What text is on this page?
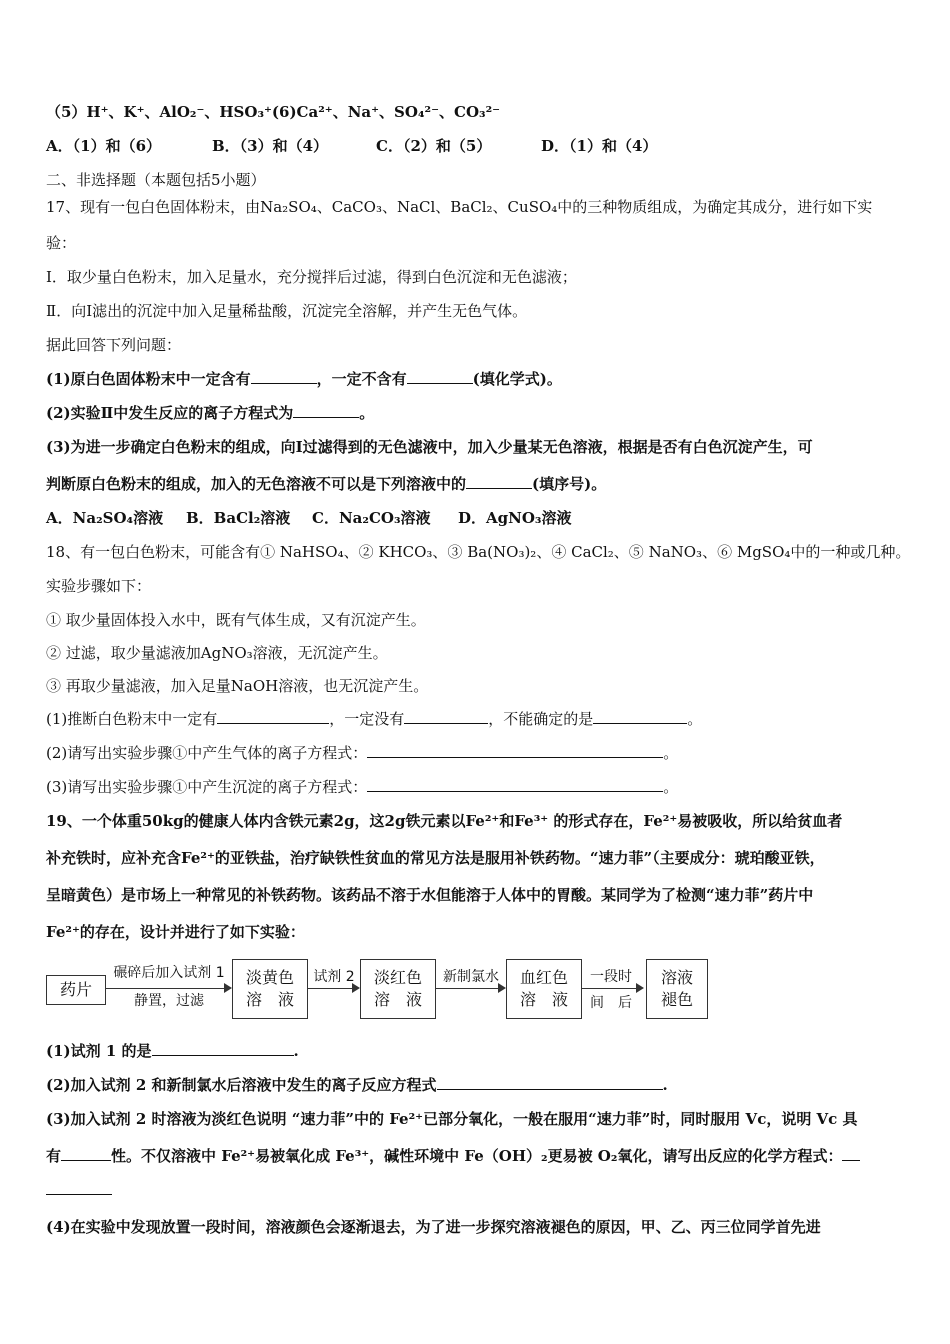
（5）H⁺、K⁺、AlO₂⁻、HSO₃⁺(6)Ca²⁺、Na⁺、SO₄²⁻、CO₃²⁻
A．（1）和（6）	B．（3）和（4）	C．（2）和（5）	D．（1）和（4）
二、非选择题（本题包括5小题）
17、现有一包白色固体粉末，由Na₂SO₄、CaCO₃、NaCl、BaCl₂、CuSO₄中的三种物质组成，为确定其成分，进行如下实
验：
Ⅰ．取少量白色粉末，加入足量水，充分搅拌后过滤，得到白色沉淀和无色滤液；
Ⅱ．向Ⅰ滤出的沉淀中加入足量稀盐酸，沉淀完全溶解，并产生无色气体。
据此回答下列问题：
(1)原白色固体粉末中一定含有	，一定不含有	(填化学式)。
(2)实验Ⅱ中发生反应的离子方程式为	。
(3)为进一步确定白色粉末的组成，向Ⅰ过滤得到的无色滤液中，加入少量某无色溶液，根据是否有白色沉淀产生，可
判断原白色粉末的组成，加入的无色溶液不可以是下列溶液中的	(填序号)。
A．Na₂SO₄溶液 B．BaCl₂溶液 C．Na₂CO₃溶液 D．AgNO₃溶液
18、有一包白色粉末，可能含有① NaHSO₄、② KHCO₃、③ Ba(NO₃)₂、④ CaCl₂、⑤ NaNO₃、⑥ MgSO₄中的一种或几种。
实验步骤如下：
① 取少量固体投入水中，既有气体生成，又有沉淀产生。
② 过滤，取少量滤液加AgNO₃溶液，无沉淀产生。
③ 再取少量滤液，加入足量NaOH溶液，也无沉淀产生。
(1)推断白色粉末中一定有	，一定没有	，不能确定的是	。
(2)请写出实验步骤①中产生气体的离子方程式：	。
(3)请写出实验步骤①中产生沉淀的离子方程式：	。
19、一个体重50kg的健康人体内含铁元素2g，这2g铁元素以Fe²⁺和Fe³⁺ 的形式存在，Fe²⁺易被吸收，所以给贫血者
补充铁时，应补充含Fe²⁺的亚铁盐，治疗缺铁性贫血的常见方法是服用补铁药物。“速力菲”（主要成分：琥珀酸亚铁，
呈暗黄色）是市场上一种常见的补铁药物。该药品不溶于水但能溶于人体中的胃酸。某同学为了检测“速力菲”药片中
Fe²⁺的存在，设计并进行了如下实验：
药片
碾碎后加入试剂 1
静置，过滤
淡黄色
溶　液
试剂 2	淡红色
溶　液
新制氯水	血红色
溶　液
一段时
间　后
溶液
褪色
(1)试剂 1 的是	.
(2)加入试剂 2 和新制氯水后溶液中发生的离子反应方程式	.
(3)加入试剂 2 时溶液为淡红色说明 “速力菲”中的 Fe²⁺已部分氧化，一般在服用“速力菲”时，同时服用 Vc，说明 Vc 具
有	性。不仅溶液中 Fe²⁺易被氧化成 Fe³⁺，碱性环境中 Fe（OH）₂更易被 O₂氧化，请写出反应的化学方程式：
(4)在实验中发现放置一段时间，溶液颜色会逐渐退去，为了进一步探究溶液褪色的原因，甲、乙、丙三位同学首先进
